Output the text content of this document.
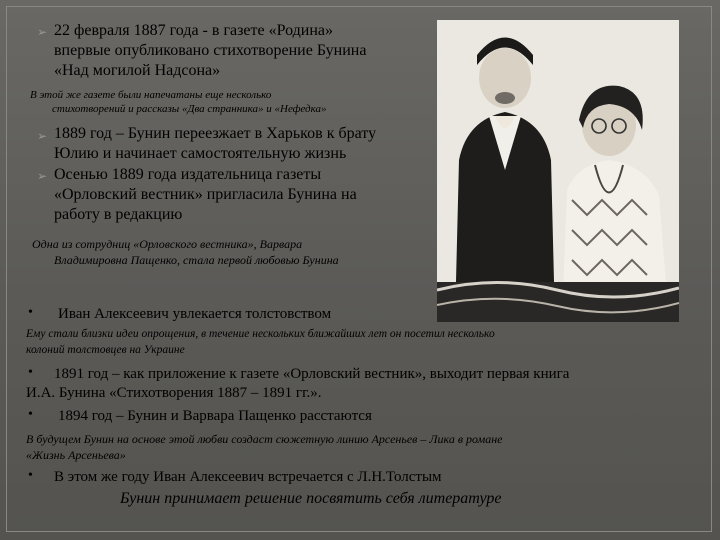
➢ 22 февраля 1887 года - в газете «Родина»
впервые опубликовано стихотворение Бунина
«Над могилой Надсона»
В этой же газете были напечатаны еще несколько
стихотворений и рассказы «Два странника» и «Нефедка»
➢ 1889 год – Бунин переезжает в Харьков к брату
Юлию и начинает самостоятельную жизнь
➢ Осенью 1889 года издательница газеты
«Орловский вестник» пригласила Бунина на
работу в редакцию
Одна из сотрудниц «Орловского вестника», Варвара
Владимировна Пащенко, стала первой любовью Бунина
• Иван Алексеевич увлекается толстовством
Ему стали близки идеи опрощения, в течение нескольких ближайших лет он посетил несколько
колоний толстовцев на Украине
•	1891 год – как приложение к газете «Орловский вестник», выходит первая книга
И.А. Бунина «Стихотворения 1887 – 1891 гг.».
• 1894 год – Бунин и Варвара Пащенко расстаются
В будущем Бунин на основе этой любви создаст сюжетную линию Арсеньев – Лика в романе
«Жизнь Арсеньева»
• В этом же году Иван Алексеевич встречается с Л.Н.Толстым
Бунин принимает решение посвятить себя литературе
